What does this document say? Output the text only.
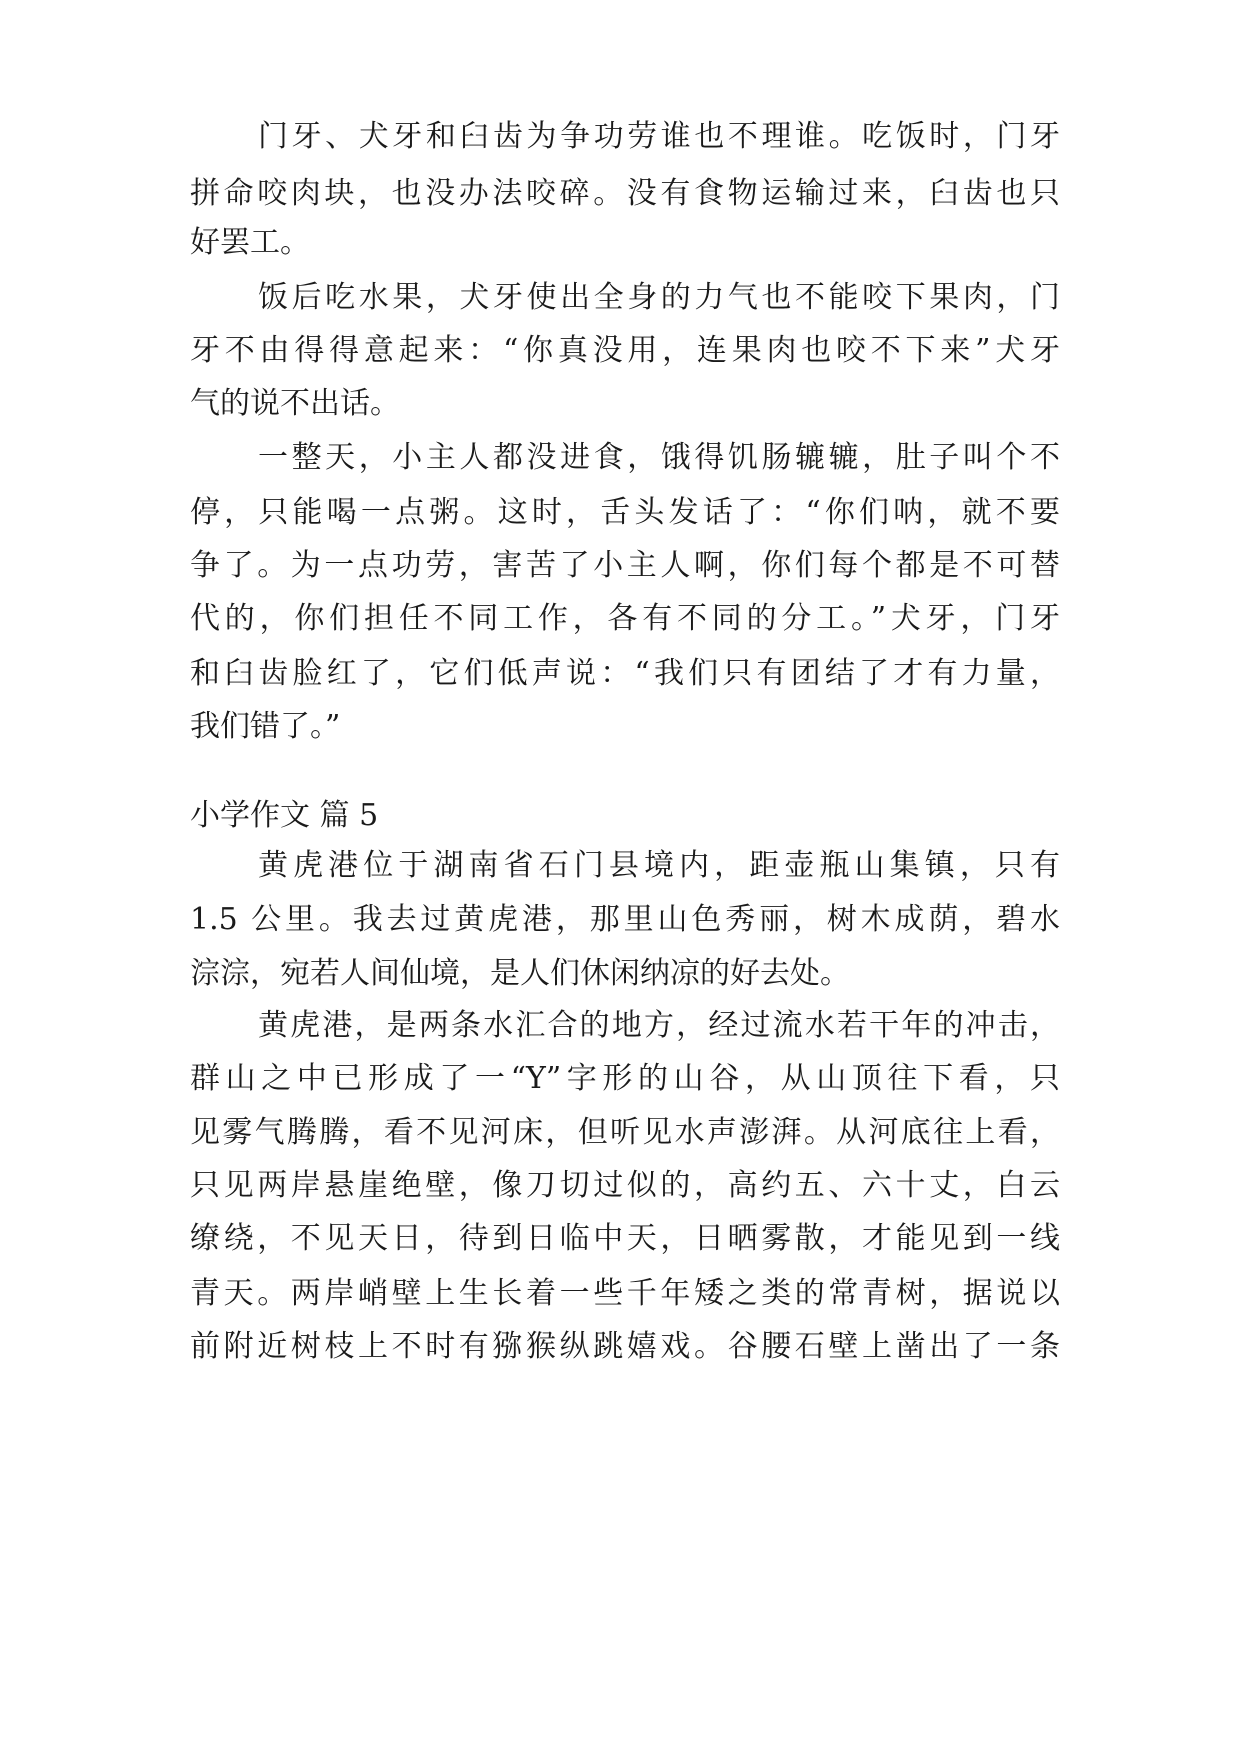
门牙、犬牙和臼齿为争功劳谁也不理谁。吃饭时，门牙
拼命咬肉块，也没办法咬碎。没有食物运输过来，臼齿也只
好罢工。
饭后吃水果，犬牙使出全身的力气也不能咬下果肉，门
牙不由得得意起来：“你真没用，连果肉也咬不下来”犬牙
气的说不出话。
一整天，小主人都没进食，饿得饥肠辘辘，肚子叫个不
停，只能喝一点粥。这时，舌头发话了：“你们呐，就不要
争了。为一点功劳，害苦了小主人啊，你们每个都是不可替
代的，你们担任不同工作，各有不同的分工。”犬牙，门牙
和臼齿脸红了，它们低声说：“我们只有团结了才有力量，
我们错了。”
小学作文 篇 5
黄虎港位于湖南省石门县境内，距壶瓶山集镇，只有
1.5 公里。我去过黄虎港，那里山色秀丽，树木成荫，碧水
淙淙，宛若人间仙境，是人们休闲纳凉的好去处。
黄虎港，是两条水汇合的地方，经过流水若干年的冲击，
群山之中已形成了一“Y”字形的山谷，从山顶往下看，只
见雾气腾腾，看不见河床，但听见水声澎湃。从河底往上看，
只见两岸悬崖绝壁，像刀切过似的，高约五、六十丈，白云
缭绕，不见天日，待到日临中天，日晒雾散，才能见到一线
青天。两岸峭壁上生长着一些千年矮之类的常青树，据说以
前附近树枝上不时有猕猴纵跳嬉戏。谷腰石壁上凿出了一条
